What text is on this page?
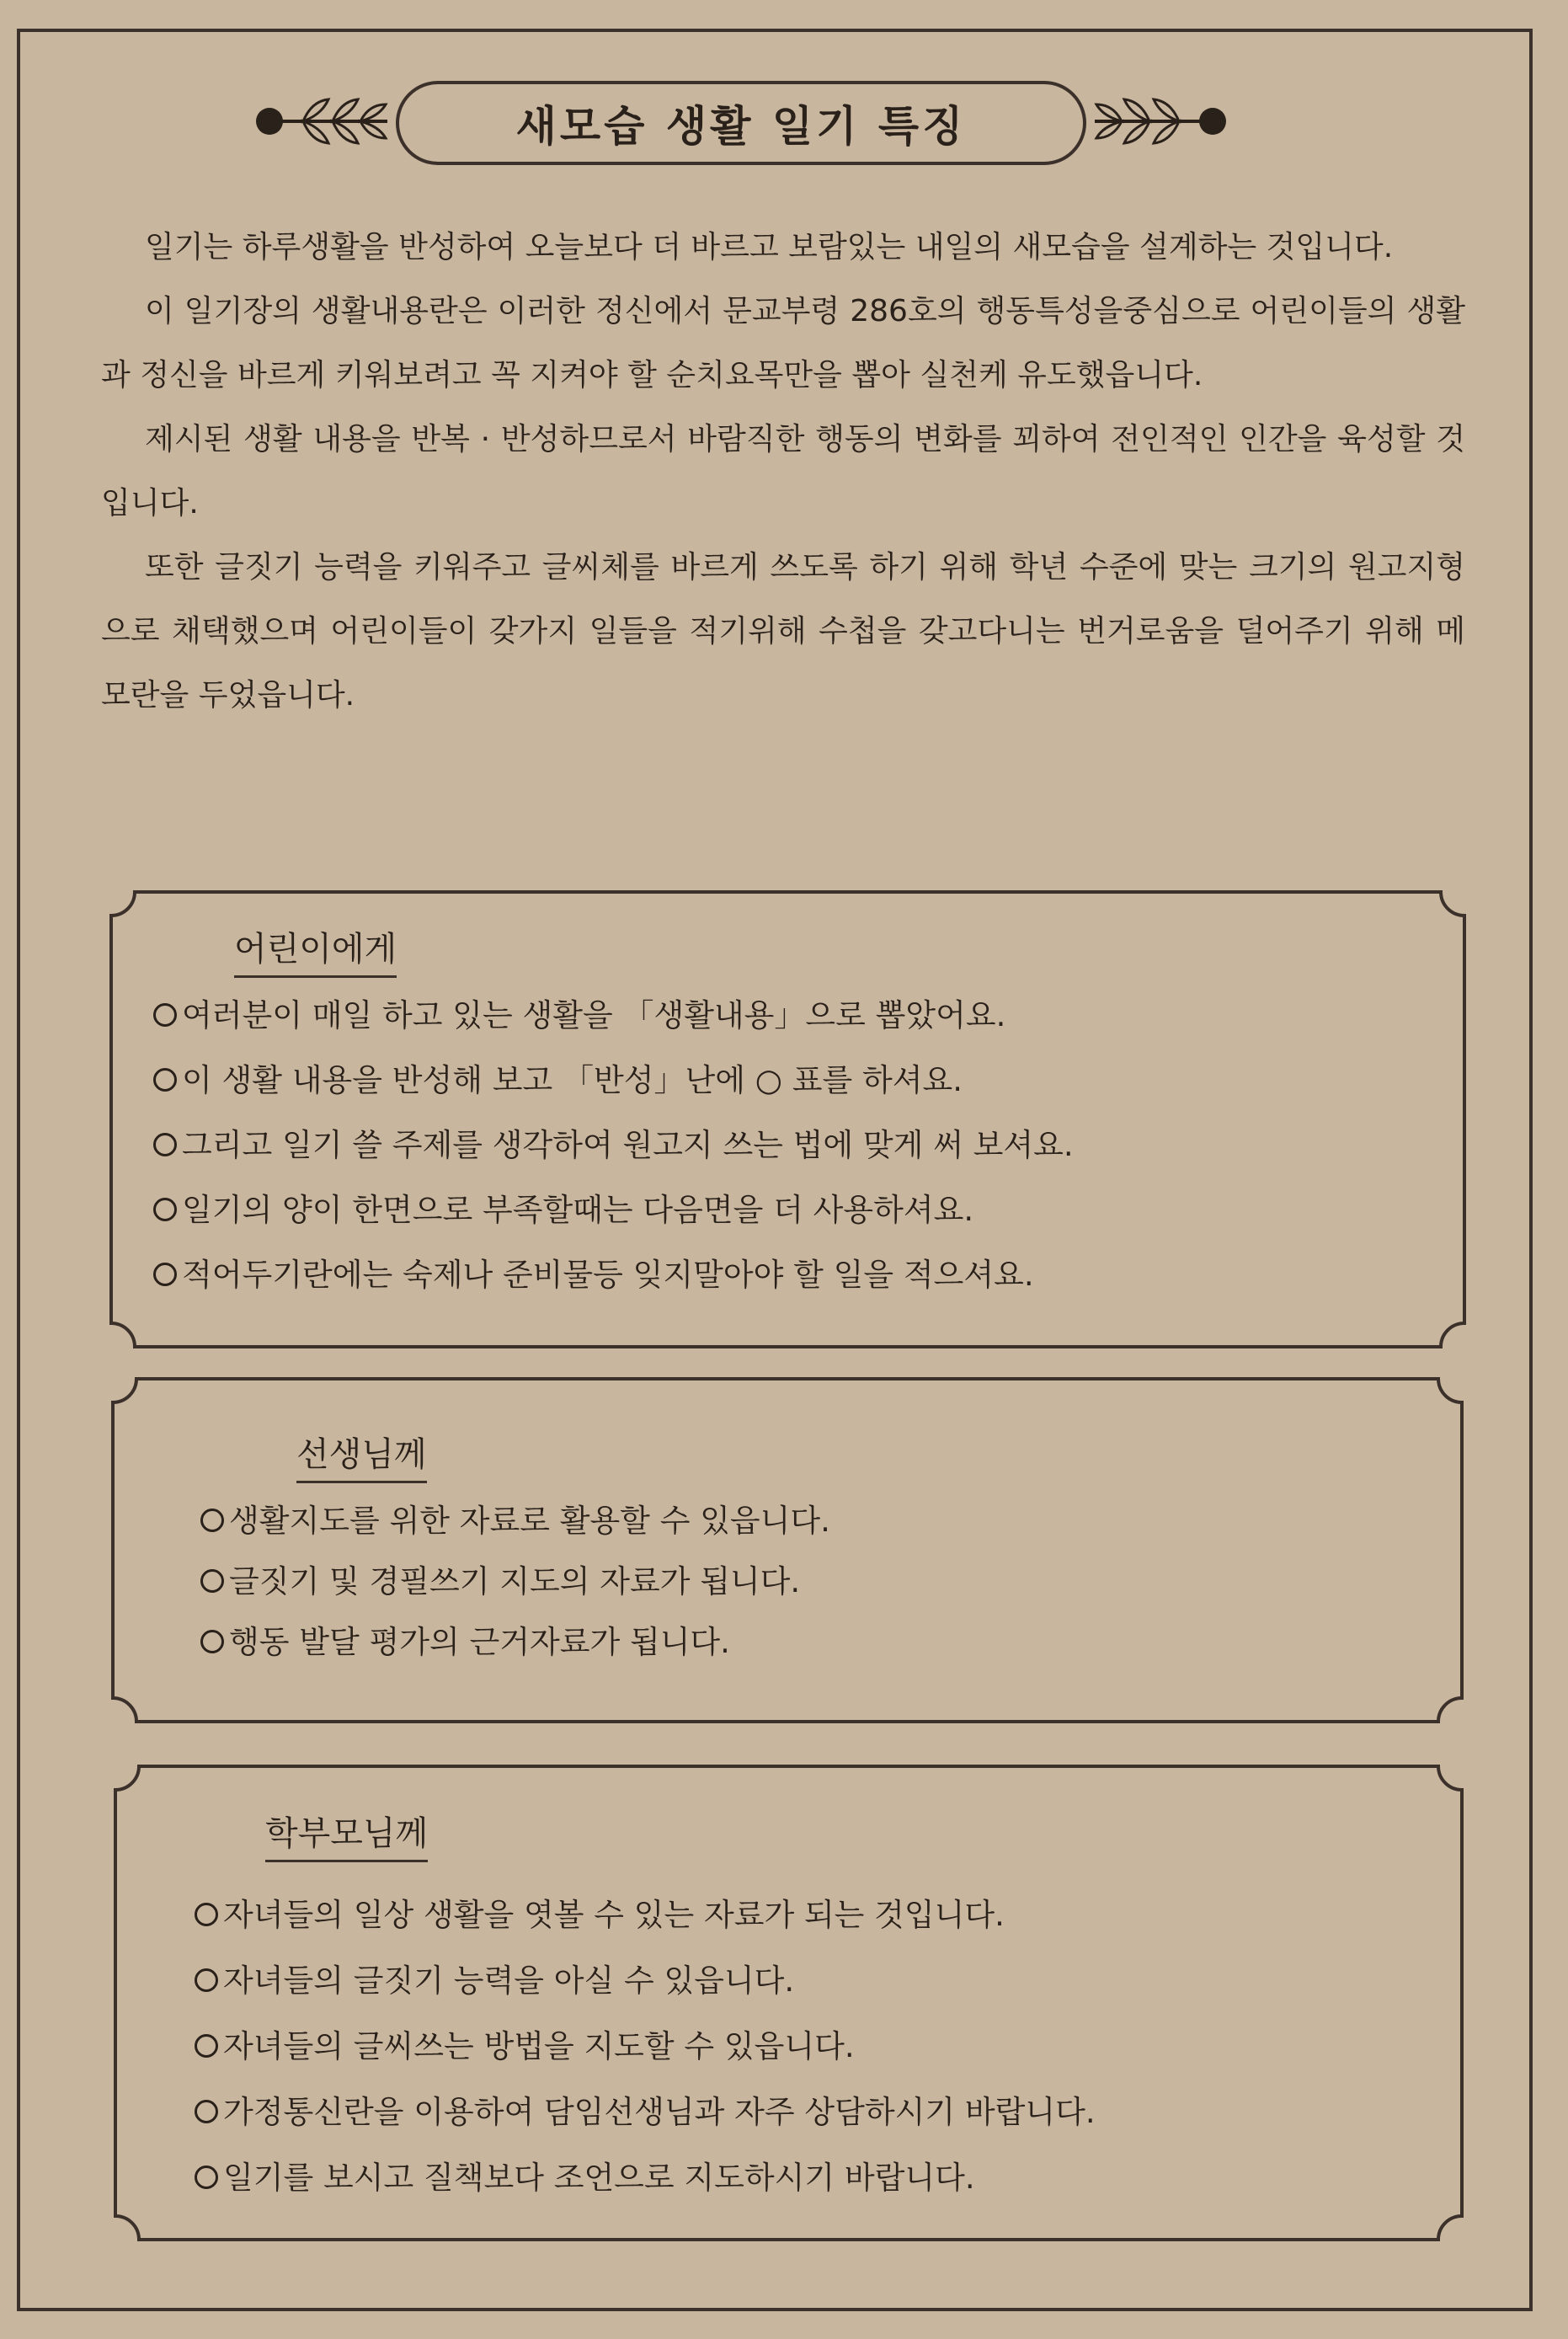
새모습 생활 일기 특징

일기는 하루생활을 반성하여 오늘보다 더 바르고 보람있는 내일의 새모습을 설계하는 것입니다.

이 일기장의 생활내용란은 이러한 정신에서 문교부령 286호의 행동특성을중심으로 어린이들의 생활과 정신을 바르게 키워보려고 꼭 지켜야 할 순치요목만을 뽑아 실천케 유도했읍니다.

제시된 생활 내용을 반복 · 반성하므로서 바람직한 행동의 변화를 꾀하여 전인적인 인간을 육성할 것입니다.

또한 글짓기 능력을 키워주고 글씨체를 바르게 쓰도록 하기 위해 학년 수준에 맞는 크기의 원고지형으로 채택했으며 어린이들이 갖가지 일들을 적기위해 수첩을 갖고다니는 번거로움을 덜어주기 위해 메모란을 두었읍니다.

어린이에게
여러분이 매일 하고 있는 생활을 「생활내용」으로 뽑았어요.
이 생활 내용을 반성해 보고 「반성」난에 ○ 표를 하셔요.
그리고 일기 쓸 주제를 생각하여 원고지 쓰는 법에 맞게 써 보셔요.
일기의 양이 한면으로 부족할때는 다음면을 더 사용하셔요.
적어두기란에는 숙제나 준비물등 잊지말아야 할 일을 적으셔요.
선생님께
생활지도를 위한 자료로 활용할 수 있읍니다.
글짓기 및 경필쓰기 지도의 자료가 됩니다.
행동 발달 평가의 근거자료가 됩니다.
학부모님께
자녀들의 일상 생활을 엿볼 수 있는 자료가 되는 것입니다.
자녀들의 글짓기 능력을 아실 수 있읍니다.
자녀들의 글씨쓰는 방법을 지도할 수 있읍니다.
가정통신란을 이용하여 담임선생님과 자주 상담하시기 바랍니다.
일기를 보시고 질책보다 조언으로 지도하시기 바랍니다.
